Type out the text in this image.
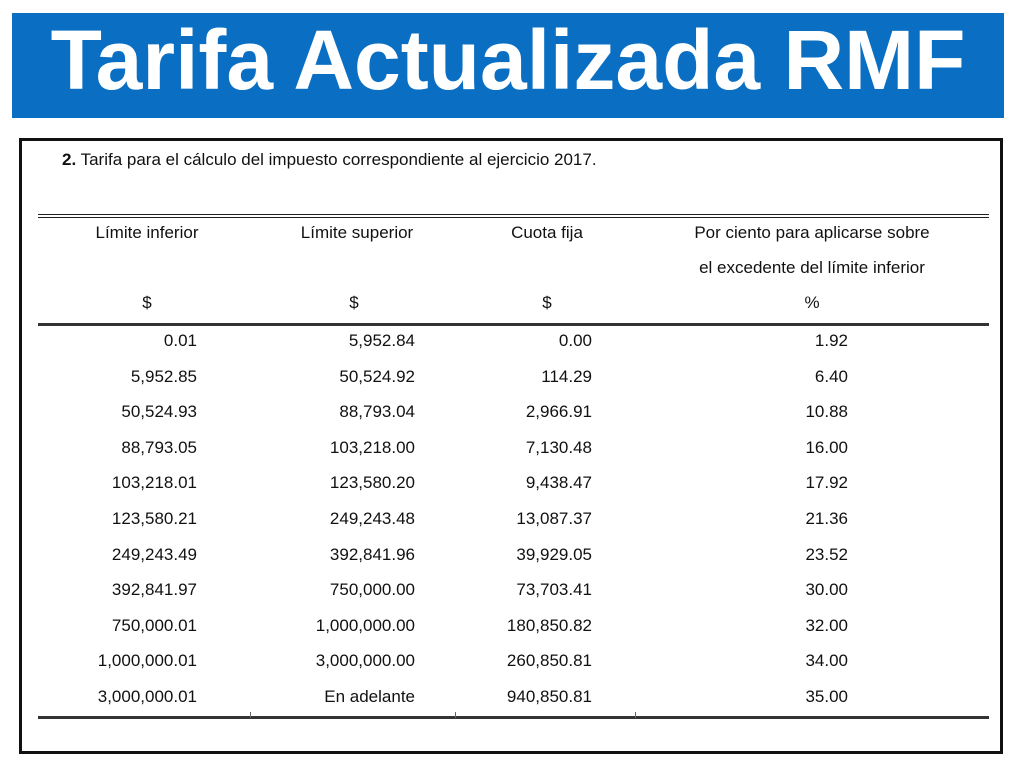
Tarifa Actualizada RMF
2. Tarifa para el cálculo del impuesto correspondiente al ejercicio 2017.
Límite inferior	Límite superior	Cuota fija	Por ciento para aplicarse sobre
el excedente del límite inferior
$	$	$	%
0.01	5,952.84	0.00	1.92
5,952.85	50,524.92	114.29	6.40
50,524.93	88,793.04	2,966.91	10.88
88,793.05	103,218.00	7,130.48	16.00
103,218.01	123,580.20	9,438.47	17.92
123,580.21	249,243.48	13,087.37	21.36
249,243.49	392,841.96	39,929.05	23.52
392,841.97	750,000.00	73,703.41	30.00
750,000.01	1,000,000.00	180,850.82	32.00
1,000,000.01	3,000,000.00	260,850.81	34.00
3,000,000.01	En adelante	940,850.81	35.00
